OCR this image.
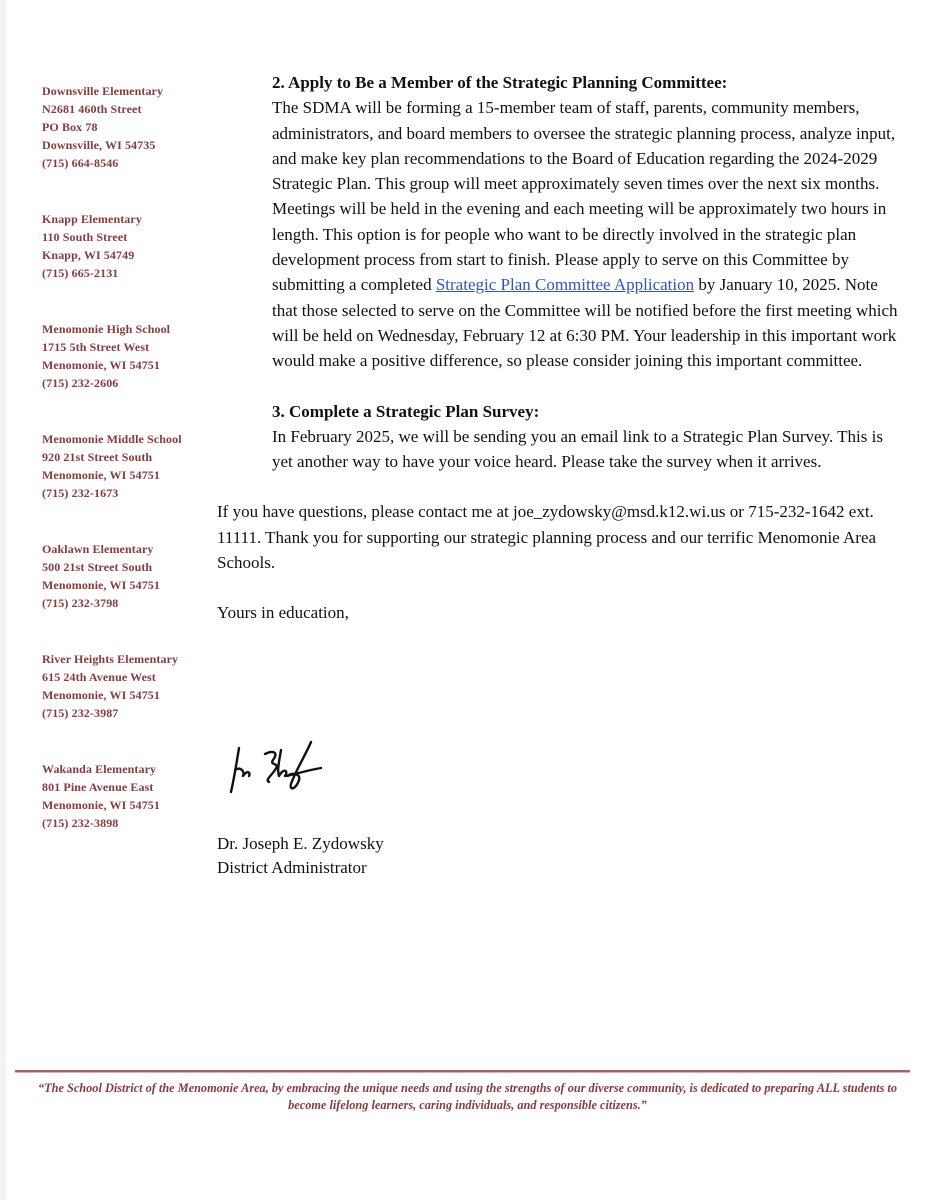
Downsville Elementary
N2681 460th Street
PO Box 78
Downsville, WI 54735
(715) 664-8546
Knapp Elementary
110 South Street
Knapp, WI 54749
(715) 665-2131
Menomonie High School
1715 5th Street West
Menomonie, WI 54751
(715) 232-2606
Menomonie Middle School
920 21st Street South
Menomonie, WI 54751
(715) 232-1673
Oaklawn Elementary
500 21st Street South
Menomonie, WI 54751
(715) 232-3798
River Heights Elementary
615 24th Avenue West
Menomonie, WI 54751
(715) 232-3987
Wakanda Elementary
801 Pine Avenue East
Menomonie, WI 54751
(715) 232-3898
2. Apply to Be a Member of the Strategic Planning Committee:

The SDMA will be forming a 15-member team of staff, parents, community members, administrators, and board members to oversee the strategic planning process, analyze input, and make key plan recommendations to the Board of Education regarding the 2024-2029 Strategic Plan. This group will meet approximately seven times over the next six months. Meetings will be held in the evening and each meeting will be approximately two hours in length. This option is for people who want to be directly involved in the strategic plan development process from start to finish. Please apply to serve on this Committee by submitting a completed Strategic Plan Committee Application by January 10, 2025. Note that those selected to serve on the Committee will be notified before the first meeting which will be held on Wednesday, February 12 at 6:30 PM. Your leadership in this important work would make a positive difference, so please consider joining this important committee.

3. Complete a Strategic Plan Survey:

In February 2025, we will be sending you an email link to a Strategic Plan Survey. This is yet another way to have your voice heard. Please take the survey when it arrives.

If you have questions, please contact me at joe_zydowsky@msd.k12.wi.us or 715-232-1642 ext. 11111. Thank you for supporting our strategic planning process and our terrific Menomonie Area Schools.

Yours in education,

Dr. Joseph E. Zydowsky
District Administrator
“The School District of the Menomonie Area, by embracing the unique needs and using the strengths of our diverse community, is dedicated to preparing ALL students to become lifelong learners, caring individuals, and responsible citizens.”
